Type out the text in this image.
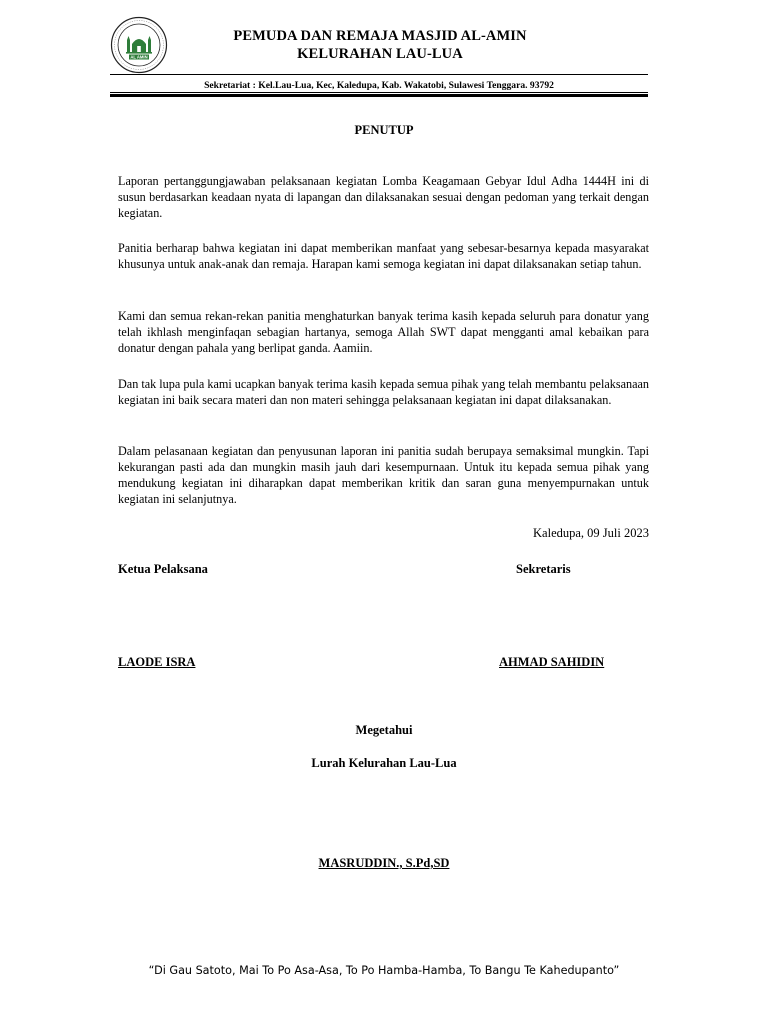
AL AMIN
PEMUDA DAN REMAJA MASJID AL-AMIN
KELURAHAN LAU-LUA
Sekretariat : Kel.Lau-Lua, Kec, Kaledupa, Kab. Wakatobi, Sulawesi Tenggara. 93792
PENUTUP
Laporan pertanggungjawaban pelaksanaan kegiatan Lomba Keagamaan Gebyar Idul Adha 1444H ini di susun berdasarkan keadaan nyata di lapangan dan dilaksanakan sesuai dengan pedoman yang terkait dengan kegiatan.
Panitia berharap bahwa kegiatan ini dapat memberikan manfaat yang sebesar-besarnya kepada masyarakat khusunya untuk anak-anak dan remaja. Harapan kami semoga kegiatan ini dapat dilaksanakan setiap tahun.
Kami dan semua rekan-rekan panitia menghaturkan banyak terima kasih kepada seluruh para donatur yang telah ikhlash menginfaqan sebagian hartanya, semoga Allah SWT dapat mengganti amal kebaikan para donatur dengan pahala yang berlipat ganda. Aamiin.
Dan tak lupa pula kami ucapkan banyak terima kasih kepada semua pihak yang telah membantu pelaksanaan kegiatan ini baik secara materi dan non materi sehingga pelaksanaan kegiatan ini dapat dilaksanakan.
Dalam pelasanaan kegiatan dan penyusunan laporan ini panitia sudah berupaya semaksimal mungkin. Tapi kekurangan pasti ada dan mungkin masih jauh dari kesempurnaan. Untuk itu kepada semua pihak yang mendukung kegiatan ini diharapkan dapat memberikan kritik dan saran guna menyempurnakan untuk kegiatan ini selanjutnya.
Kaledupa, 09 Juli 2023
Ketua Pelaksana	Sekretaris
LAODE ISRA	AHMAD SAHIDIN
Megetahui
Lurah Kelurahan Lau-Lua
MASRUDDIN., S.Pd,SD
“Di Gau Satoto, Mai To Po Asa-Asa, To Po Hamba-Hamba, To Bangu Te Kahedupanto”
